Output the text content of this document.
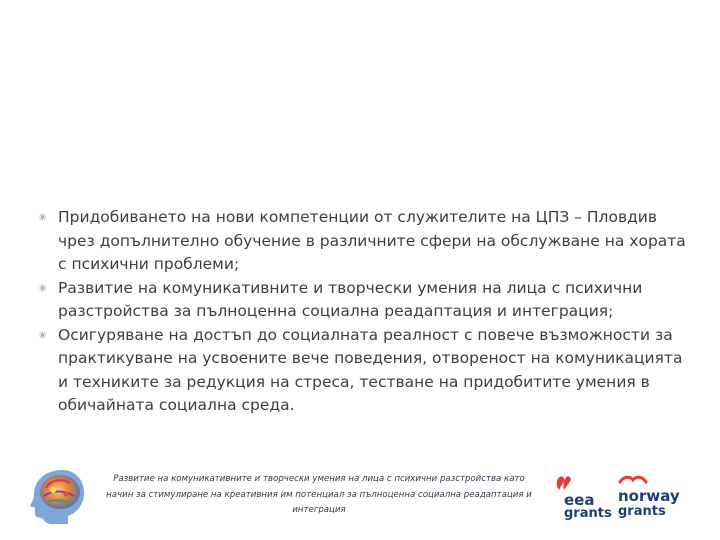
✳ Придобиването на нови компетенции от служителите на ЦПЗ – Пловдив чрез допълнително обучение в различните сфери на обслужване на хората с психични проблеми;
✳ Развитие на комуникативните и творчески умения на лица с психични разстройства за пълноценна социална реадаптация и интеграция;
✳ Осигуряване на достъп до социалната реалност с повече възможности за практикуване на усвоените вече поведения, отвореност на комуникацията и техниките за редукция на стреса, тестване на придобитите умения в обичайната социална среда.
Развитие на комуникативните и творчески умения на лица с психични разстройства като начин за стимулиране на креативния им потенциал за пълноценна социална реадаптация и интеграция
eea
grants
norway
grants
